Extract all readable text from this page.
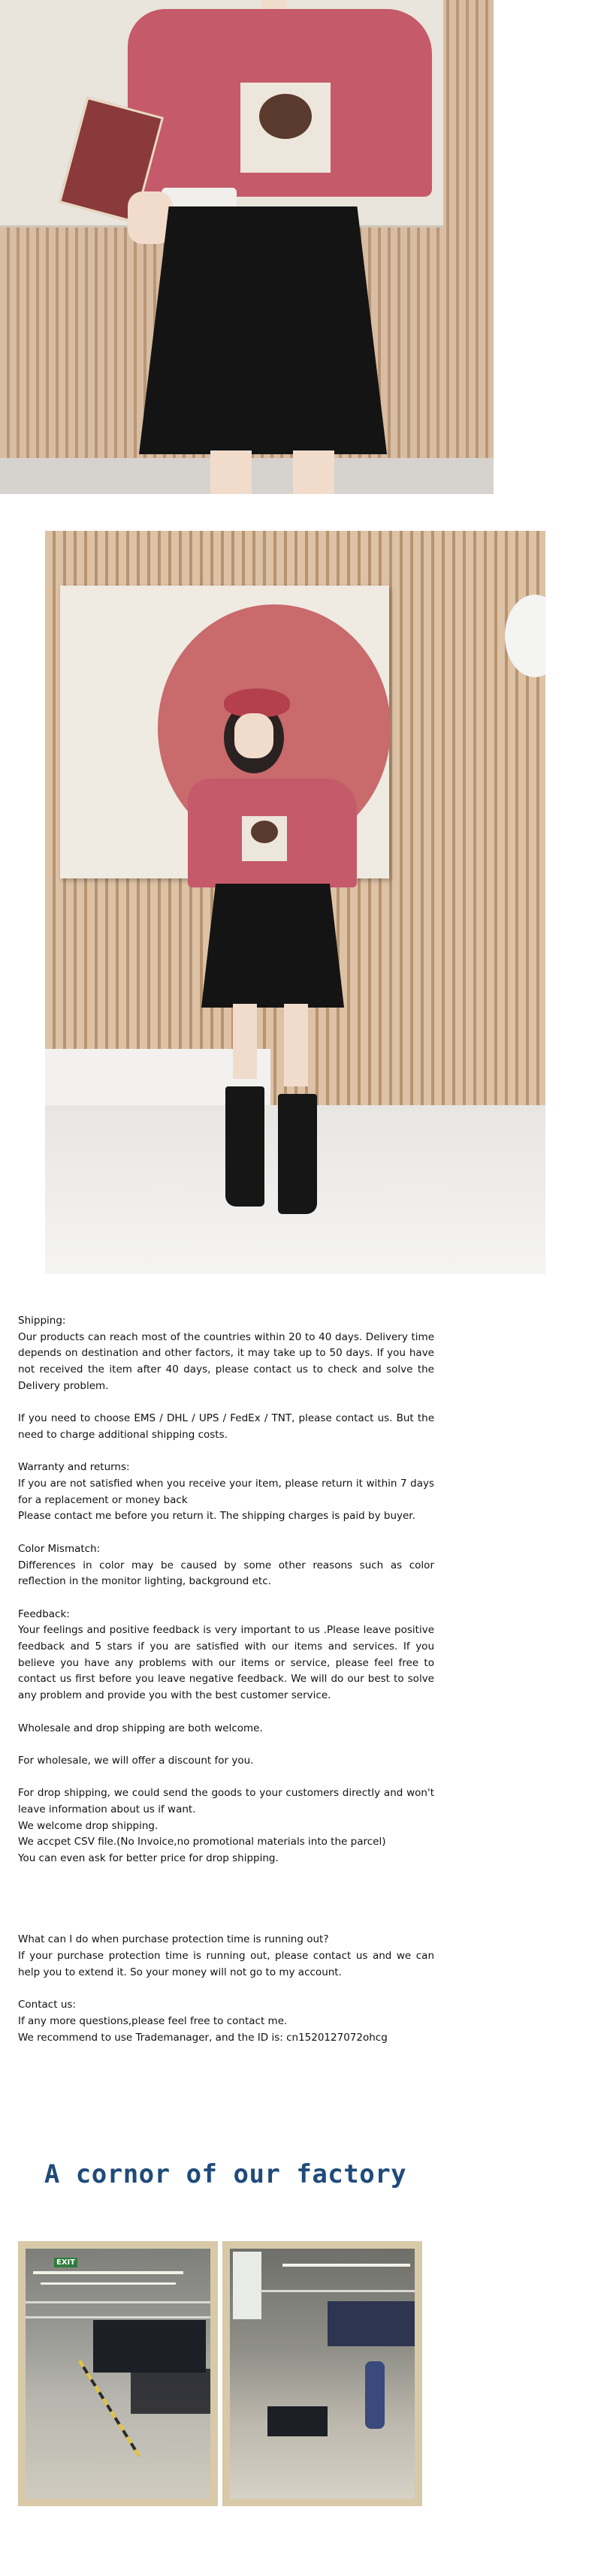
Shipping:

Our products can reach most of the countries within 20 to 40 days. Delivery time depends on destination and other factors, it may take up to 50 days. If you have not received the item after 40 days, please contact us to check and solve the Delivery problem.

If you need to choose EMS / DHL / UPS / FedEx / TNT, please contact us. But the need to charge additional shipping costs.

Warranty and returns:

If you are not satisfied when you receive your item, please return it within 7 days for a replacement or money back

Please contact me before you return it. The shipping charges is paid by buyer.

Color Mismatch:

Differences in color may be caused by some other reasons such as color reflection in the monitor lighting, background etc.

Feedback:

Your feelings and positive feedback is very important to us .Please leave positive feedback and 5 stars if you are satisfied with our items and services. If you believe you have any problems with our items or service, please feel free to contact us first before you leave negative feedback. We will do our best to solve any problem and provide you with the best customer service.

Wholesale and drop shipping are both welcome.

For wholesale, we will offer a discount for you.

For drop shipping, we could send the goods to your customers directly and won't leave information about us if want.

We welcome drop shipping.

We accpet CSV file.(No Invoice,no promotional materials into the parcel)

You can even ask for better price for drop shipping.

What can I do when purchase protection time is running out?

If your purchase protection time is running out, please contact us and we can help you to extend it. So your money will not go to my account.

Contact us:

If any more questions,please feel free to contact me.

We recommend to use Trademanager, and the ID is: cn1520127072ohcg

A cornor of our factory
EXIT
